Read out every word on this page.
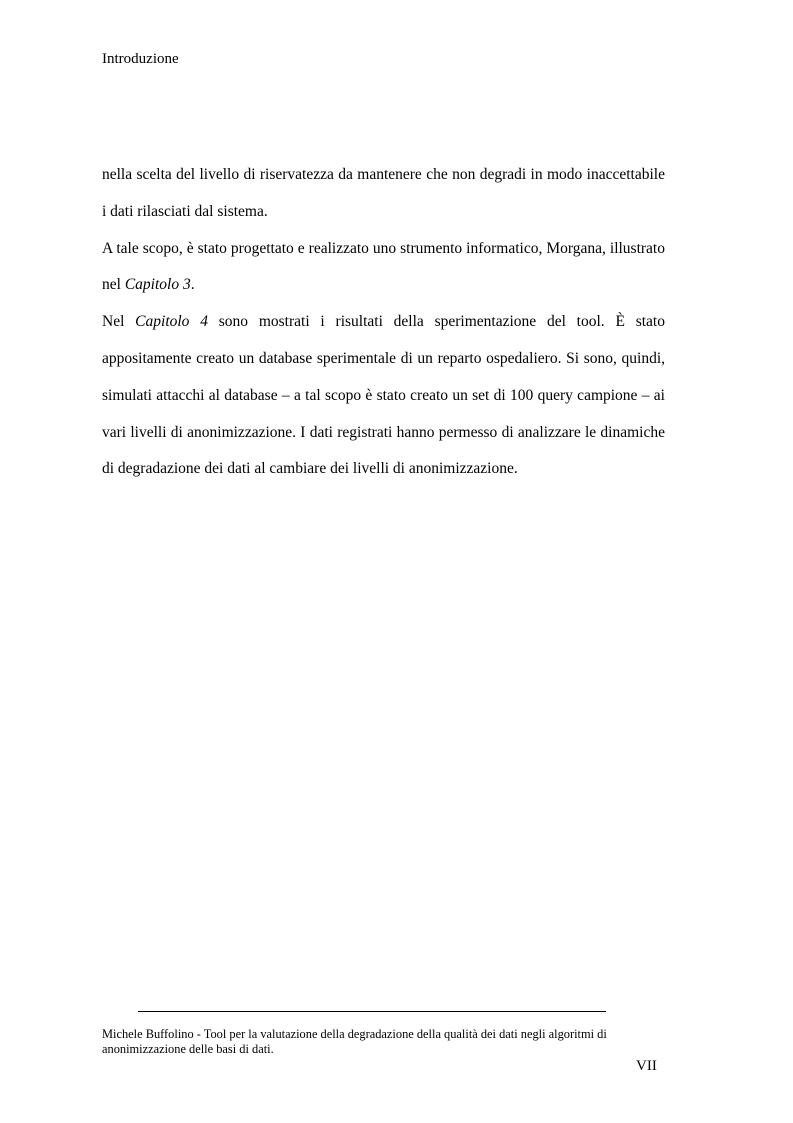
Introduzione

nella scelta del livello di riservatezza da mantenere che non degradi in modo inaccettabile i dati rilasciati dal sistema.

A tale scopo, è stato progettato e realizzato uno strumento informatico, Morgana, illustrato nel Capitolo 3.

Nel Capitolo 4 sono mostrati i risultati della sperimentazione del tool. È stato appositamente creato un database sperimentale di un reparto ospedaliero. Si sono, quindi, simulati attacchi al database – a tal scopo è stato creato un set di 100 query campione – ai vari livelli di anonimizzazione. I dati registrati hanno permesso di analizzare le dinamiche di degradazione dei dati al cambiare dei livelli di anonimizzazione.

Michele Buffolino - Tool per la valutazione della degradazione della qualità dei dati negli algoritmi di
anonimizzazione delle basi di dati.
VII
